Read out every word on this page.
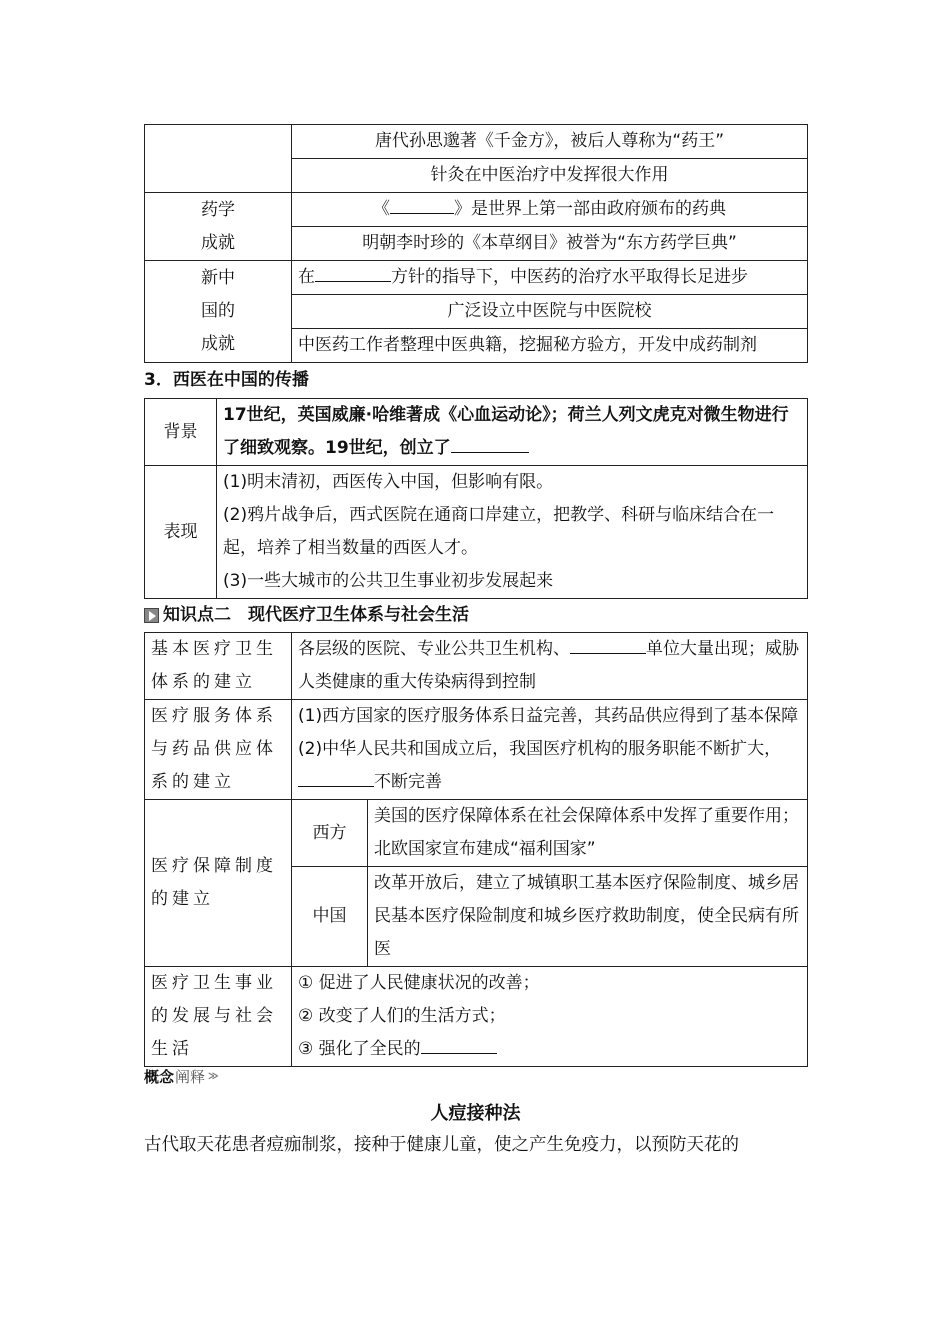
	唐代孙思邈著《千金方》，被后人尊称为“药王”
	针灸在中医治疗中发挥很大作用

药学
成就	《 》是世界上第一部由政府颁布的药典
	明朝李时珍的《本草纲目》被誉为“东方药学巨典”

新中
国的
成就	在 方针的指导下，中医药的治疗水平取得长足进步
	广泛设立中医院与中医院校
	中医药工作者整理中医典籍，挖掘秘方验方，开发中成药制剂
3．西医在中国的传播
背景	17世纪，英国威廉·哈维著成《心血运动论》；荷兰人列文虎克对微生物进行了细致观察。19世纪，创立了
表现	(1)明末清初，西医传入中国，但影响有限。
(2)鸦片战争后，西式医院在通商口岸建立，把教学、科研与临床结合在一起，培养了相当数量的西医人才。
(3)一些大城市的公共卫生事业初步发展起来
知识点二　现代医疗卫生体系与社会生活
基本医疗卫生体系的建立	各层级的医院、专业公共卫生机构、 单位大量出现；威胁人类健康的重大传染病得到控制	
医疗服务体系与药品供应体系的建立	(1)西方国家的医疗服务体系日益完善，其药品供应得到了基本保障
(2)中华人民共和国成立后，我国医疗机构的服务职能不断扩大，不断完善	

医疗保障制度的建立	西方	美国的医疗保障体系在社会保障体系中发挥了重要作用；北欧国家宣布建成“福利国家”
	中国	改革开放后，建立了城镇职工基本医疗保险制度、城乡居民基本医疗保险制度和城乡医疗救助制度，使全民病有所医
医疗卫生事业的发展与社会生活	① 促进了人民健康状况的改善；
② 改变了人们的生活方式；
③ 强化了全民的	
概念 阐释 ≫
人痘接种法
古代取天花患者痘痂制浆，接种于健康儿童，使之产生免疫力，以预防天花的
